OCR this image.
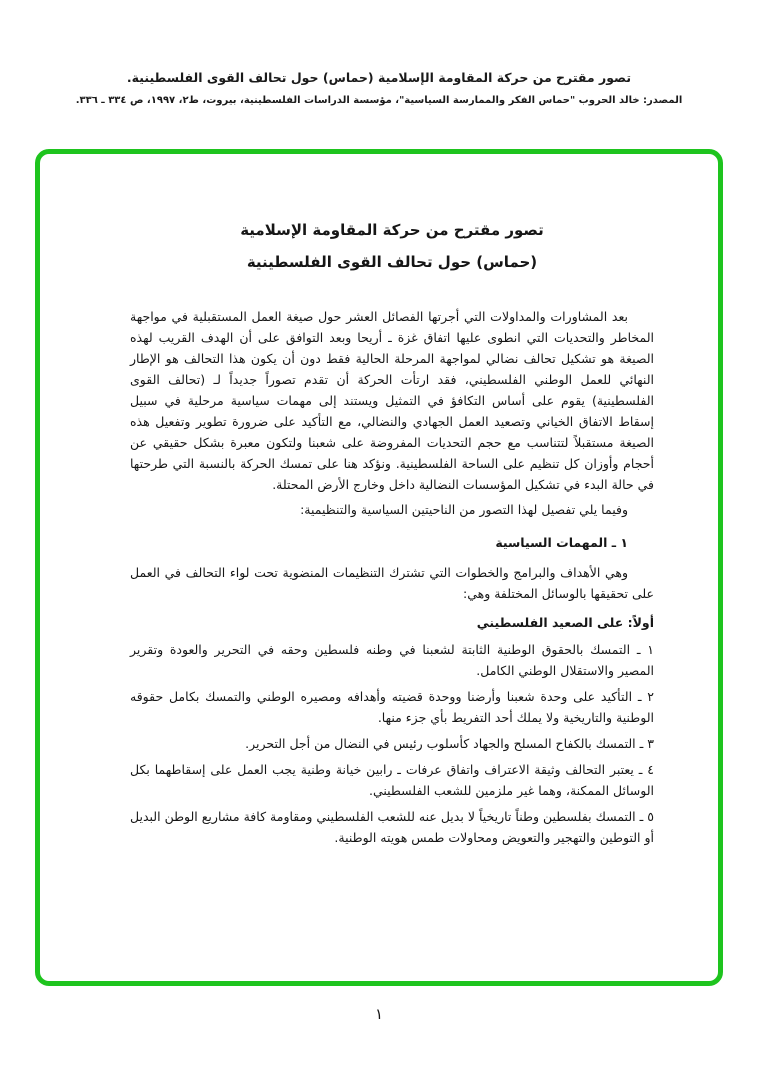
تصور مقترح من حركة المقاومة الإسلامية (حماس) حول تحالف القوى الفلسطينية.
المصدر: خالد الحروب "حماس الفكر والممارسة السياسية"، مؤسسة الدراسات الفلسطينية، بيروت، ط٢، ١٩٩٧، ص ٣٣٤ ـ ٣٣٦.
تصور مقترح من حركة المقاومة الإسلامية
(حماس) حول تحالف القوى الفلسطينية

بعد المشاورات والمداولات التي أجرتها الفصائل العشر حول صيغة العمل المستقبلية في مواجهة المخاطر والتحديات التي انطوى عليها اتفاق غزة ـ أريحا وبعد التوافق على أن الهدف القريب لهذه الصيغة هو تشكيل تحالف نضالي لمواجهة المرحلة الحالية فقط دون أن يكون هذا التحالف هو الإطار النهائي للعمل الوطني الفلسطيني، فقد ارتأت الحركة أن تقدم تصوراً جديداً لـ (تحالف القوى الفلسطينية) يقوم على أساس التكافؤ في التمثيل ويستند إلى مهمات سياسية مرحلية في سبيل إسقاط الاتفاق الخياني وتصعيد العمل الجهادي والنضالي، مع التأكيد على ضرورة تطوير وتفعيل هذه الصيغة مستقبلاً لتتناسب مع حجم التحديات المفروضة على شعبنا ولتكون معبرة بشكل حقيقي عن أحجام وأوزان كل تنظيم على الساحة الفلسطينية. ونؤكد هنا على تمسك الحركة بالنسبة التي طرحتها في حالة البدء في تشكيل المؤسسات النضالية داخل وخارج الأرض المحتلة.

وفيما يلي تفصيل لهذا التصور من الناحيتين السياسية والتنظيمية:

١ ـ المهمات السياسية

وهي الأهداف والبرامج والخطوات التي تشترك التنظيمات المنضوية تحت لواء التحالف في العمل على تحقيقها بالوسائل المختلفة وهي:

أولاً: على الصعيد الفلسطيني

١ ـ التمسك بالحقوق الوطنية الثابتة لشعبنا في وطنه فلسطين وحقه في التحرير والعودة وتقرير المصير والاستقلال الوطني الكامل.

٢ ـ التأكيد على وحدة شعبنا وأرضنا ووحدة قضيته وأهدافه ومصيره الوطني والتمسك بكامل حقوقه الوطنية والتاريخية ولا يملك أحد التفريط بأي جزء منها.

٣ ـ التمسك بالكفاح المسلح والجهاد كأسلوب رئيس في النضال من أجل التحرير.

٤ ـ يعتبر التحالف وثيقة الاعتراف واتفاق عرفات ـ رابين خيانة وطنية يجب العمل على إسقاطهما بكل الوسائل الممكنة، وهما غير ملزمين للشعب الفلسطيني.

٥ ـ التمسك بفلسطين وطناً تاريخياً لا بديل عنه للشعب الفلسطيني ومقاومة كافة مشاريع الوطن البديل أو التوطين والتهجير والتعويض ومحاولات طمس هويته الوطنية.

١
